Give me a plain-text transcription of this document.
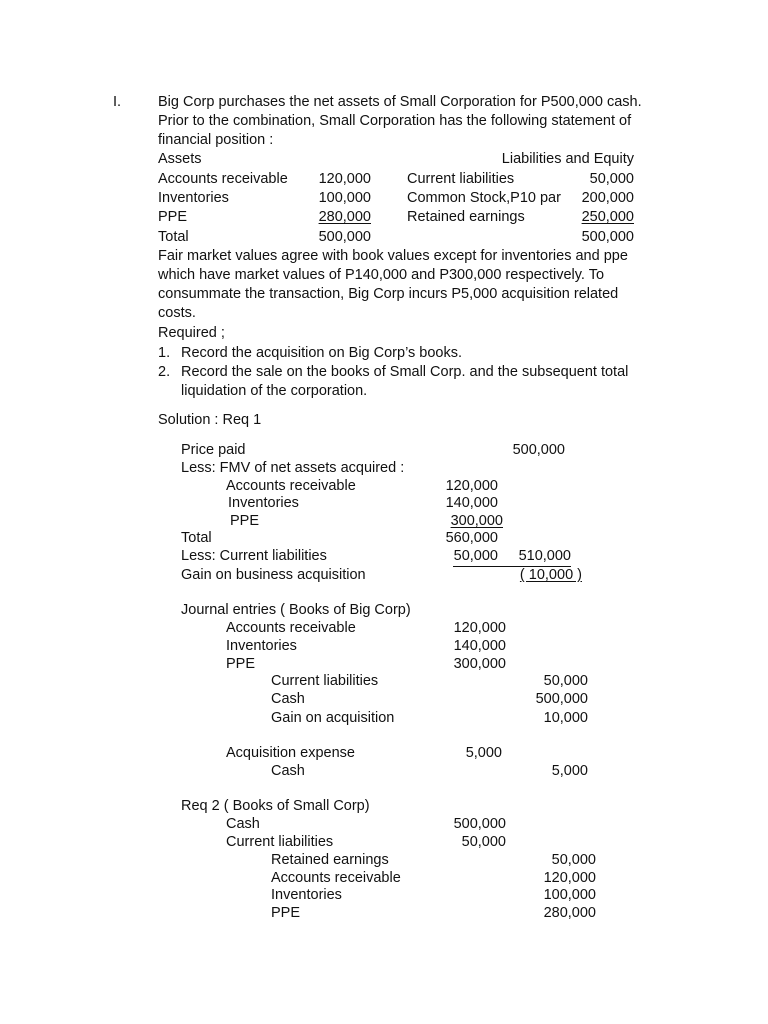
I.	Big Corp purchases the net assets of Small Corporation for P500,000 cash.
Prior to the combination, Small Corporation has the following statement of
financial position :
Assets	Liabilities and Equity
Accounts receivable	120,000 Current liabilities	50,000
Inventories	100,000 Common Stock,P10 par	200,000
PPE	280,000 Retained earnings	250,000
Total	500,000	500,000
Fair market values agree with book values except for inventories and ppe
which have market values of P140,000 and P300,000 respectively. To
consummate the transaction, Big Corp incurs P5,000 acquisition related
costs.
Required ;
1. Record the acquisition on Big Corp’s books.
2. Record the sale on the books of Small Corp. and the subsequent total
liquidation of the corporation.
Solution : Req 1
Price paid	500,000
Less: FMV of net assets acquired :
Accounts receivable	120,000
Inventories	140,000
PPE	300,000
Total	560,000
Less: Current liabilities	50,000	510,000
Gain on business acquisition	( 10,000 )
Journal entries ( Books of Big Corp)
Accounts receivable	120,000
Inventories	140,000
PPE	300,000
Current liabilities	50,000
Cash	500,000
Gain on acquisition	10,000
Acquisition expense	5,000
Cash	5,000
Req 2 ( Books of Small Corp)
Cash	500,000
Current liabilities	50,000
Retained earnings	50,000
Accounts receivable	120,000
Inventories	100,000
PPE	280,000
